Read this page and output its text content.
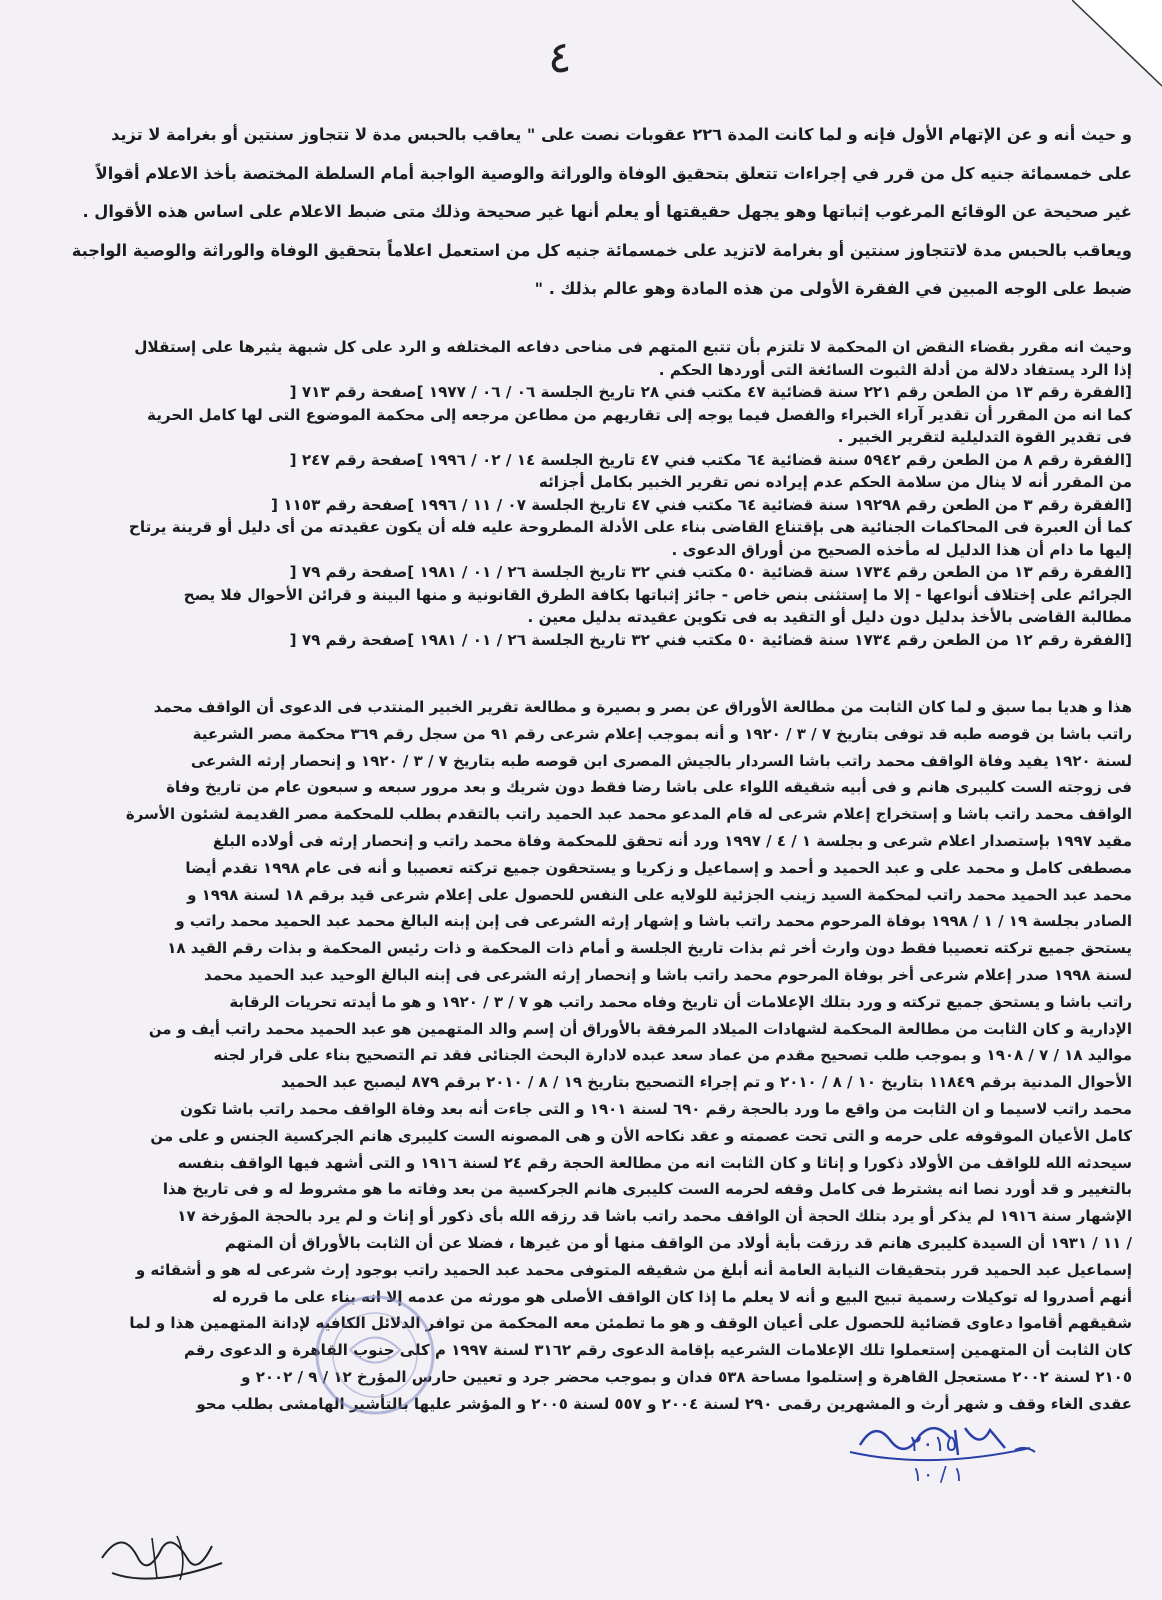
٤
و حيث أنه و عن الإتهام الأول فإنه و لما كانت المدة ٢٢٦ عقوبات نصت على " يعاقب بالحبس مدة لا تتجاوز سنتين أو بغرامة لا تزيد
على خمسمائة جنيه كل من قرر في إجراءات تتعلق بتحقيق الوفاة والوراثة والوصية الواجبة أمام السلطة المختصة بأخذ الاعلام أقوالاً
غير صحيحة عن الوقائع المرغوب إثباتها وهو يجهل حقيقتها أو يعلم أنها غير صحيحة وذلك متى ضبط الاعلام على اساس هذه الأقوال .
ويعاقب بالحبس مدة لاتتجاوز سنتين أو بغرامة لاتزيد على خمسمائة جنيه كل من استعمل اعلاماً بتحقيق الوفاة والوراثة والوصية الواجبة
ضبط على الوجه المبين في الفقرة الأولى من هذه المادة وهو عالم بذلك . "
وحيث انه مقرر بقضاء النقض ان المحكمة لا تلتزم بأن تتبع المتهم فى مناحى دفاعه المختلفه و الرد على كل شبهة يثيرها على إستقلال
إذا الرد يستفاد دلالة من أدلة الثبوت السائغة التى أوردها الحكم .
[الفقرة رقم ١٣ من الطعن رقم ٢٢١ سنة قضائية ٤٧ مكتب فني ٢٨ تاريخ الجلسة ٠٦ / ٠٦ / ١٩٧٧ ]صفحة رقم ٧١٣ [
كما انه من المقرر أن تقدير آراء الخبراء والفصل فيما يوجه إلى تقاريهم من مطاعن مرجعه إلى محكمة الموضوع التى لها كامل الحرية
فى تقدير القوة التدليلية لتقرير الخبير .
[الفقرة رقم ٨ من الطعن رقم ٥٩٤٢ سنة قضائية ٦٤ مكتب فني ٤٧ تاريخ الجلسة ١٤ / ٠٢ / ١٩٩٦ ]صفحة رقم ٢٤٧ [
من المقرر أنه لا ينال من سلامة الحكم عدم إيراده نص تقرير الخبير بكامل أجزائه
[الفقرة رقم ٣ من الطعن رقم ١٩٢٩٨ سنة قضائية ٦٤ مكتب فني ٤٧ تاريخ الجلسة ٠٧ / ١١ / ١٩٩٦ ]صفحة رقم ١١٥٣ [
كما أن العبرة فى المحاكمات الجنائية هى بإقتناع القاضى بناء على الأدلة المطروحة عليه فله أن يكون عقيدته من أى دليل أو قرينة يرتاح
إليها ما دام أن هذا الدليل له مأخذه الصحيح من أوراق الدعوى .
[الفقرة رقم ١٣ من الطعن رقم ١٧٣٤ سنة قضائية ٥٠ مكتب فني ٣٢ تاريخ الجلسة ٢٦ / ٠١ / ١٩٨١ ]صفحة رقم ٧٩ [
الجرائم على إختلاف أنواعها - إلا ما إستثنى بنص خاص - جائز إثباتها بكافة الطرق القانونية و منها البينة و قرائن الأحوال فلا يصح
مطالبة القاضى بالأخذ بدليل دون دليل أو التقيد به فى تكوين عقيدته بدليل معين .
[الفقرة رقم ١٢ من الطعن رقم ١٧٣٤ سنة قضائية ٥٠ مكتب فني ٣٢ تاريخ الجلسة ٢٦ / ٠١ / ١٩٨١ ]صفحة رقم ٧٩ [
هذا و هديا بما سبق و لما كان الثابت من مطالعة الأوراق عن بصر و بصيرة و مطالعة تقرير الخبير المنتدب فى الدعوى أن الواقف محمد
راتب باشا بن قوصه طبه قد توفى بتاريخ ٧ / ٣ / ١٩٢٠ و أنه بموجب إعلام شرعى رقم ٩١ من سجل رقم ٣٦٩ محكمة مصر الشرعية
لسنة ١٩٢٠ يفيد وفاة الواقف محمد راتب باشا السردار بالجيش المصرى ابن قوصه طبه بتاريخ ٧ / ٣ / ١٩٢٠ و إنحصار إرثه الشرعى
فى زوجته الست كليبرى هانم و فى أبيه شقيقه اللواء على باشا رضا فقط دون شريك و بعد مرور سبعه و سبعون عام من تاريخ وفاة
الواقف محمد راتب باشا و إستخراج إعلام شرعى له قام المدعو محمد عبد الحميد راتب بالتقدم بطلب للمحكمة مصر القديمة لشئون الأسرة
مقيد ١٩٩٧ بإستصدار اعلام شرعى و بجلسة ١ / ٤ / ١٩٩٧ ورد أنه تحقق للمحكمة وفاة محمد راتب و إنحصار إرثه فى أولاده البلغ
مصطفى كامل و محمد على و عبد الحميد و أحمد و إسماعيل و زكريا و يستحقون جميع تركته تعصيبا و أنه فى عام ١٩٩٨ تقدم أيضا
محمد عبد الحميد محمد راتب لمحكمة السيد زينب الجزئية للولايه على النفس للحصول على إعلام شرعى قيد برقم ١٨ لسنة ١٩٩٨ و
الصادر بجلسة ١٩ / ١ / ١٩٩٨ بوفاة المرحوم محمد راتب باشا و إشهار إرثه الشرعى فى إبن إبنه البالغ محمد عبد الحميد محمد راتب و
يستحق جميع تركته تعصيبا فقط دون وارث أخر ثم بذات تاريخ الجلسة و أمام ذات المحكمة و ذات رئيس المحكمة و بذات رقم القيد ١٨
لسنة ١٩٩٨ صدر إعلام شرعى أخر بوفاة المرحوم محمد راتب باشا و إنحصار إرثه الشرعى فى إبنه البالغ الوحيد عبد الحميد محمد
راتب باشا و يستحق جميع تركته و ورد بتلك الإعلامات أن تاريخ وفاه محمد راتب هو ٧ / ٣ / ١٩٢٠ و هو ما أيدته تحريات الرقابة
الإدارية و كان الثابت من مطالعة المحكمة لشهادات الميلاد المرفقة بالأوراق أن إسم والد المتهمين هو عبد الحميد محمد راتب أيف و من
مواليد ١٨ / ٧ / ١٩٠٨ و بموجب طلب تصحيح مقدم من عماد سعد عبده لادارة البحث الجنائى فقد تم التصحيح بناء على قرار لجنه
الأحوال المدنية برقم ١١٨٤٩ بتاريخ ١٠ / ٨ / ٢٠١٠ و تم إجراء التصحيح بتاريخ ١٩ / ٨ / ٢٠١٠ برقم ٨٧٩ ليصبح عبد الحميد
محمد راتب لاسيما و ان الثابت من واقع ما ورد بالحجة رقم ٦٩٠ لسنة ١٩٠١ و التى جاءت أنه بعد وفاة الواقف محمد راتب باشا تكون
كامل الأعيان الموقوفه على حرمه و التى تحت عصمته و عقد نكاحه الأن و هى المصونه الست كليبرى هانم الجركسية الجنس و على من
سيحدثه الله للواقف من الأولاد ذكورا و إناثا و كان الثابت انه من مطالعة الحجة رقم ٢٤ لسنة ١٩١٦ و التى أشهد فيها الواقف بنفسه
بالتغيير و قد أورد نصا انه يشترط فى كامل وقفه لحرمه الست كليبرى هانم الجركسية من بعد وفاته ما هو مشروط له و فى تاريخ هذا
الإشهار سنة ١٩١٦ لم يذكر أو يرد بتلك الحجة أن الواقف محمد راتب باشا قد رزقه الله بأى ذكور أو إناث و لم يرد بالحجة المؤرخة ١٧
/ ١١ / ١٩٣١ أن السيدة كليبرى هانم قد رزقت بأية أولاد من الواقف منها أو من غيرها ، فضلا عن أن الثابت بالأوراق أن المتهم
إسماعيل عبد الحميد قرر بتحقيقات النيابة العامة أنه أبلغ من شقيقه المتوفى محمد عبد الحميد راتب بوجود إرث شرعى له هو و أشقائه و
أنهم أصدروا له توكيلات رسمية تبيح البيع و أنه لا يعلم ما إذا كان الواقف الأصلى هو مورثه من عدمه إلا انه بناء على ما قرره له
شقيقهم أقاموا دعاوى قضائية للحصول على أعيان الوقف و هو ما تطمئن معه المحكمة من توافر الدلائل الكافيه لإدانة المتهمين هذا و لما
كان الثابت أن المتهمين إستعملوا تلك الإعلامات الشرعيه بإقامة الدعوى رقم ٣١٦٢ لسنة ١٩٩٧ م كلى جنوب القاهرة و الدعوى رقم
٢١٠٥ لسنة ٢٠٠٢ مستعجل القاهرة و إستلموا مساحة ٥٣٨ فدان و بموجب محضر جرد و تعيين حارس المؤرخ ١٢ / ٩ / ٢٠٠٢ و
عقدى الغاء وقف و شهر أرث و المشهرين رقمى ٢٩٠ لسنة ٢٠٠٤ و ٥٥٧ لسنة ٢٠٠٥ و المؤشر عليها بالتأشير الهامشى بطلب محو
٢٠١٥
١ / ١٠
